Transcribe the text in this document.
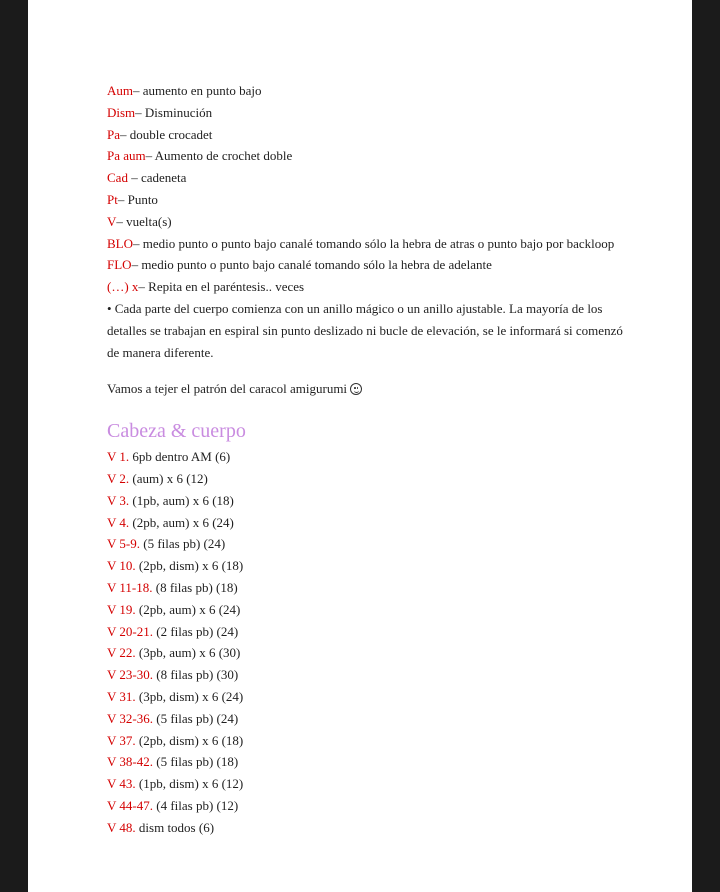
Aum– aumento en punto bajo

Dism– Disminución

Pa– double crocadet

Pa aum– Aumento de crochet doble

Cad – cadeneta

Pt– Punto

V– vuelta(s)

BLO– medio punto o punto bajo canalé tomando sólo la hebra de atras o punto bajo por backloop

FLO– medio punto o punto bajo canalé tomando sólo la hebra de adelante

(…) x– Repita en el paréntesis.. veces

• Cada parte del cuerpo comienza con un anillo mágico o un anillo ajustable. La mayoría de los detalles se trabajan en espiral sin punto deslizado ni bucle de elevación, se le informará si comenzó de manera diferente.

Vamos a tejer el patrón del caracol amigurumi

Cabeza & cuerpo

V 1. 6pb dentro AM (6)

V 2. (aum) x 6 (12)

V 3. (1pb, aum) x 6 (18)

V 4. (2pb, aum) x 6 (24)

V 5-9. (5 filas pb) (24)

V 10. (2pb, dism) x 6 (18)

V 11-18. (8 filas pb) (18)

V 19. (2pb, aum) x 6 (24)

V 20-21. (2 filas pb) (24)

V 22. (3pb, aum) x 6 (30)

V 23-30. (8 filas pb) (30)

V 31. (3pb, dism) x 6 (24)

V 32-36. (5 filas pb) (24)

V 37. (2pb, dism) x 6 (18)

V 38-42. (5 filas pb) (18)

V 43. (1pb, dism) x 6 (12)

V 44-47. (4 filas pb) (12)

V 48. dism todos (6)
